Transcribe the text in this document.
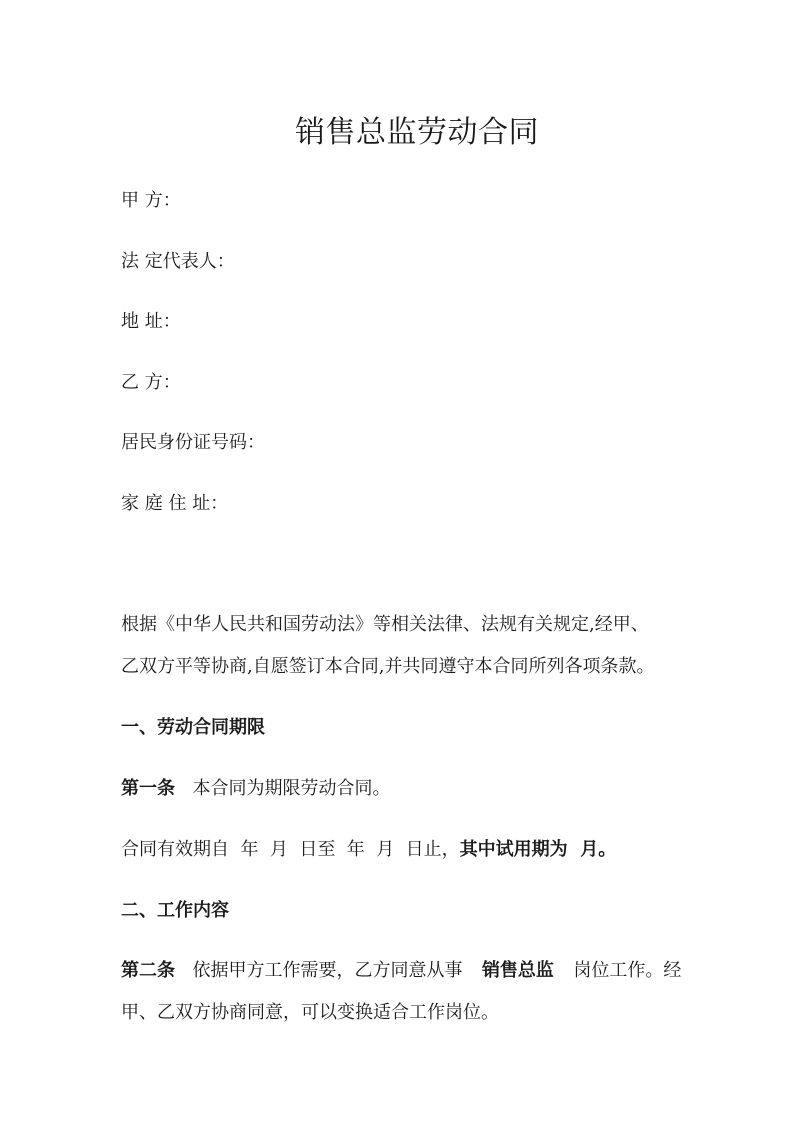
销售总监劳动合同
甲 方：
法 定代表人：
地 址：
乙 方：
居民身份证号码：
家 庭 住 址：
根据《中华人民共和国劳动法》等相关法律、法规有关规定,经甲、
乙双方平等协商,自愿签订本合同,并共同遵守本合同所列各项条款。
一、劳动合同期限
第一条 本合同为期限劳动合同。
合同有效期自  年  月  日至  年  月  日止，其中试用期为  月。
二、工作内容
第二条 依据甲方工作需要，乙方同意从事 销售总监 岗位工作。经
甲、乙双方协商同意，可以变换适合工作岗位。
